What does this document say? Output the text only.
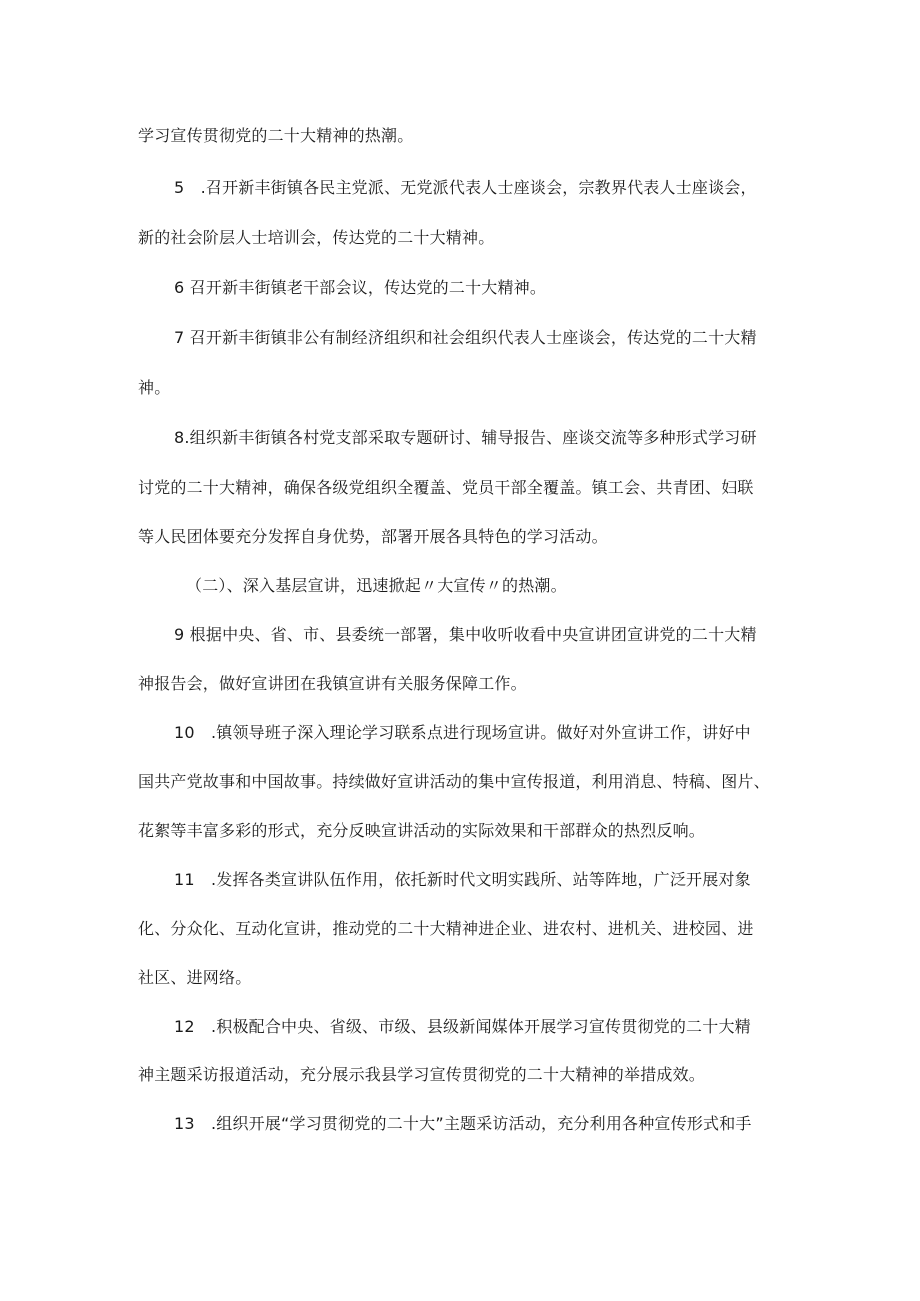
学习宣传贯彻党的二十大精神的热潮。
5　.召开新丰街镇各民主党派、无党派代表人士座谈会，宗教界代表人士座谈会，
新的社会阶层人士培训会，传达党的二十大精神。
6 召开新丰街镇老干部会议，传达党的二十大精神。
7 召开新丰街镇非公有制经济组织和社会组织代表人士座谈会，传达党的二十大精
神。
8.组织新丰街镇各村党支部采取专题研讨、辅导报告、座谈交流等多种形式学习研
讨党的二十大精神，确保各级党组织全覆盖、党员干部全覆盖。镇工会、共青团、妇联
等人民团体要充分发挥自身优势，部署开展各具特色的学习活动。
（二）、深入基层宣讲，迅速掀起〃大宣传〃的热潮。
9 根据中央、省、市、县委统一部署，集中收听收看中央宣讲团宣讲党的二十大精
神报告会，做好宣讲团在我镇宣讲有关服务保障工作。
10　.镇领导班子深入理论学习联系点进行现场宣讲。做好对外宣讲工作，讲好中
国共产党故事和中国故事。持续做好宣讲活动的集中宣传报道，利用消息、特稿、图片、
花絮等丰富多彩的形式，充分反映宣讲活动的实际效果和干部群众的热烈反响。
11　.发挥各类宣讲队伍作用，依托新时代文明实践所、站等阵地，广泛开展对象
化、分众化、互动化宣讲，推动党的二十大精神进企业、进农村、进机关、进校园、进
社区、进网络。
12　.积极配合中央、省级、市级、县级新闻媒体开展学习宣传贯彻党的二十大精
神主题采访报道活动，充分展示我县学习宣传贯彻党的二十大精神的举措成效。
13　.组织开展“学习贯彻党的二十大”主题采访活动，充分利用各种宣传形式和手
